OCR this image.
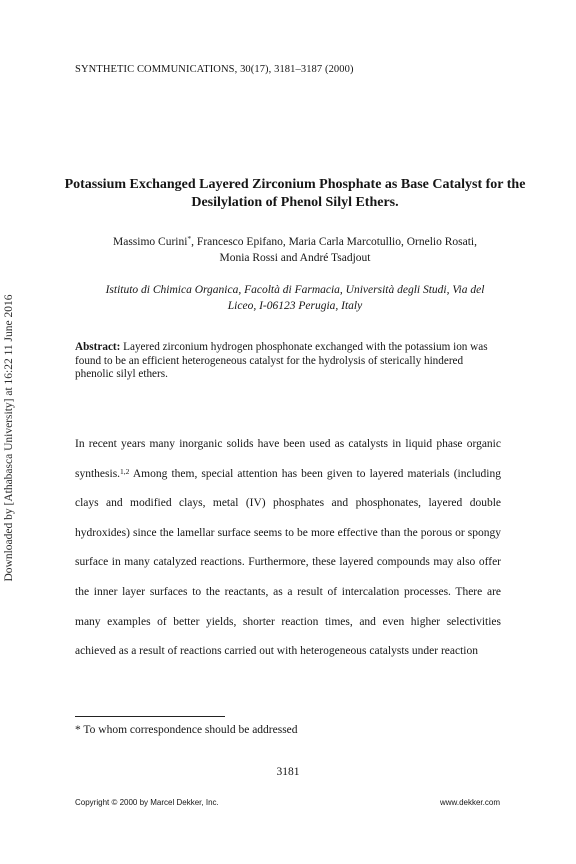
SYNTHETIC COMMUNICATIONS, 30(17), 3181–3187 (2000)
Potassium Exchanged Layered Zirconium Phosphate as Base Catalyst for the Desilylation of Phenol Silyl Ethers.
Massimo Curini*, Francesco Epifano, Maria Carla Marcotullio, Ornelio Rosati,
Monia Rossi and André Tsadjout
Istituto di Chimica Organica, Facoltà di Farmacia, Università degli Studi, Via del
Liceo, I-06123 Perugia, Italy
Abstract: Layered zirconium hydrogen phosphonate exchanged with the potassium ion was found to be an efficient heterogeneous catalyst for the hydrolysis of sterically hindered phenolic silyl ethers.
In recent years many inorganic solids have been used as catalysts in liquid phase organic synthesis.$^{1,2}$ Among them, special attention has been given to layered materials (including clays and modified clays, metal (IV) phosphates and phosphonates, layered double hydroxides) since the lamellar surface seems to be more effective than the porous or spongy surface in many catalyzed reactions. Furthermore, these layered compounds may also offer the inner layer surfaces to the reactants, as a result of intercalation processes. There are many examples of better yields, shorter reaction times, and even higher selectivities achieved as a result of reactions carried out with heterogeneous catalysts under reaction
* To whom correspondence should be addressed
3181
Copyright © 2000 by Marcel Dekker, Inc.	www.dekker.com
Downloaded by [Athabasca University] at 16:22 11 June 2016
